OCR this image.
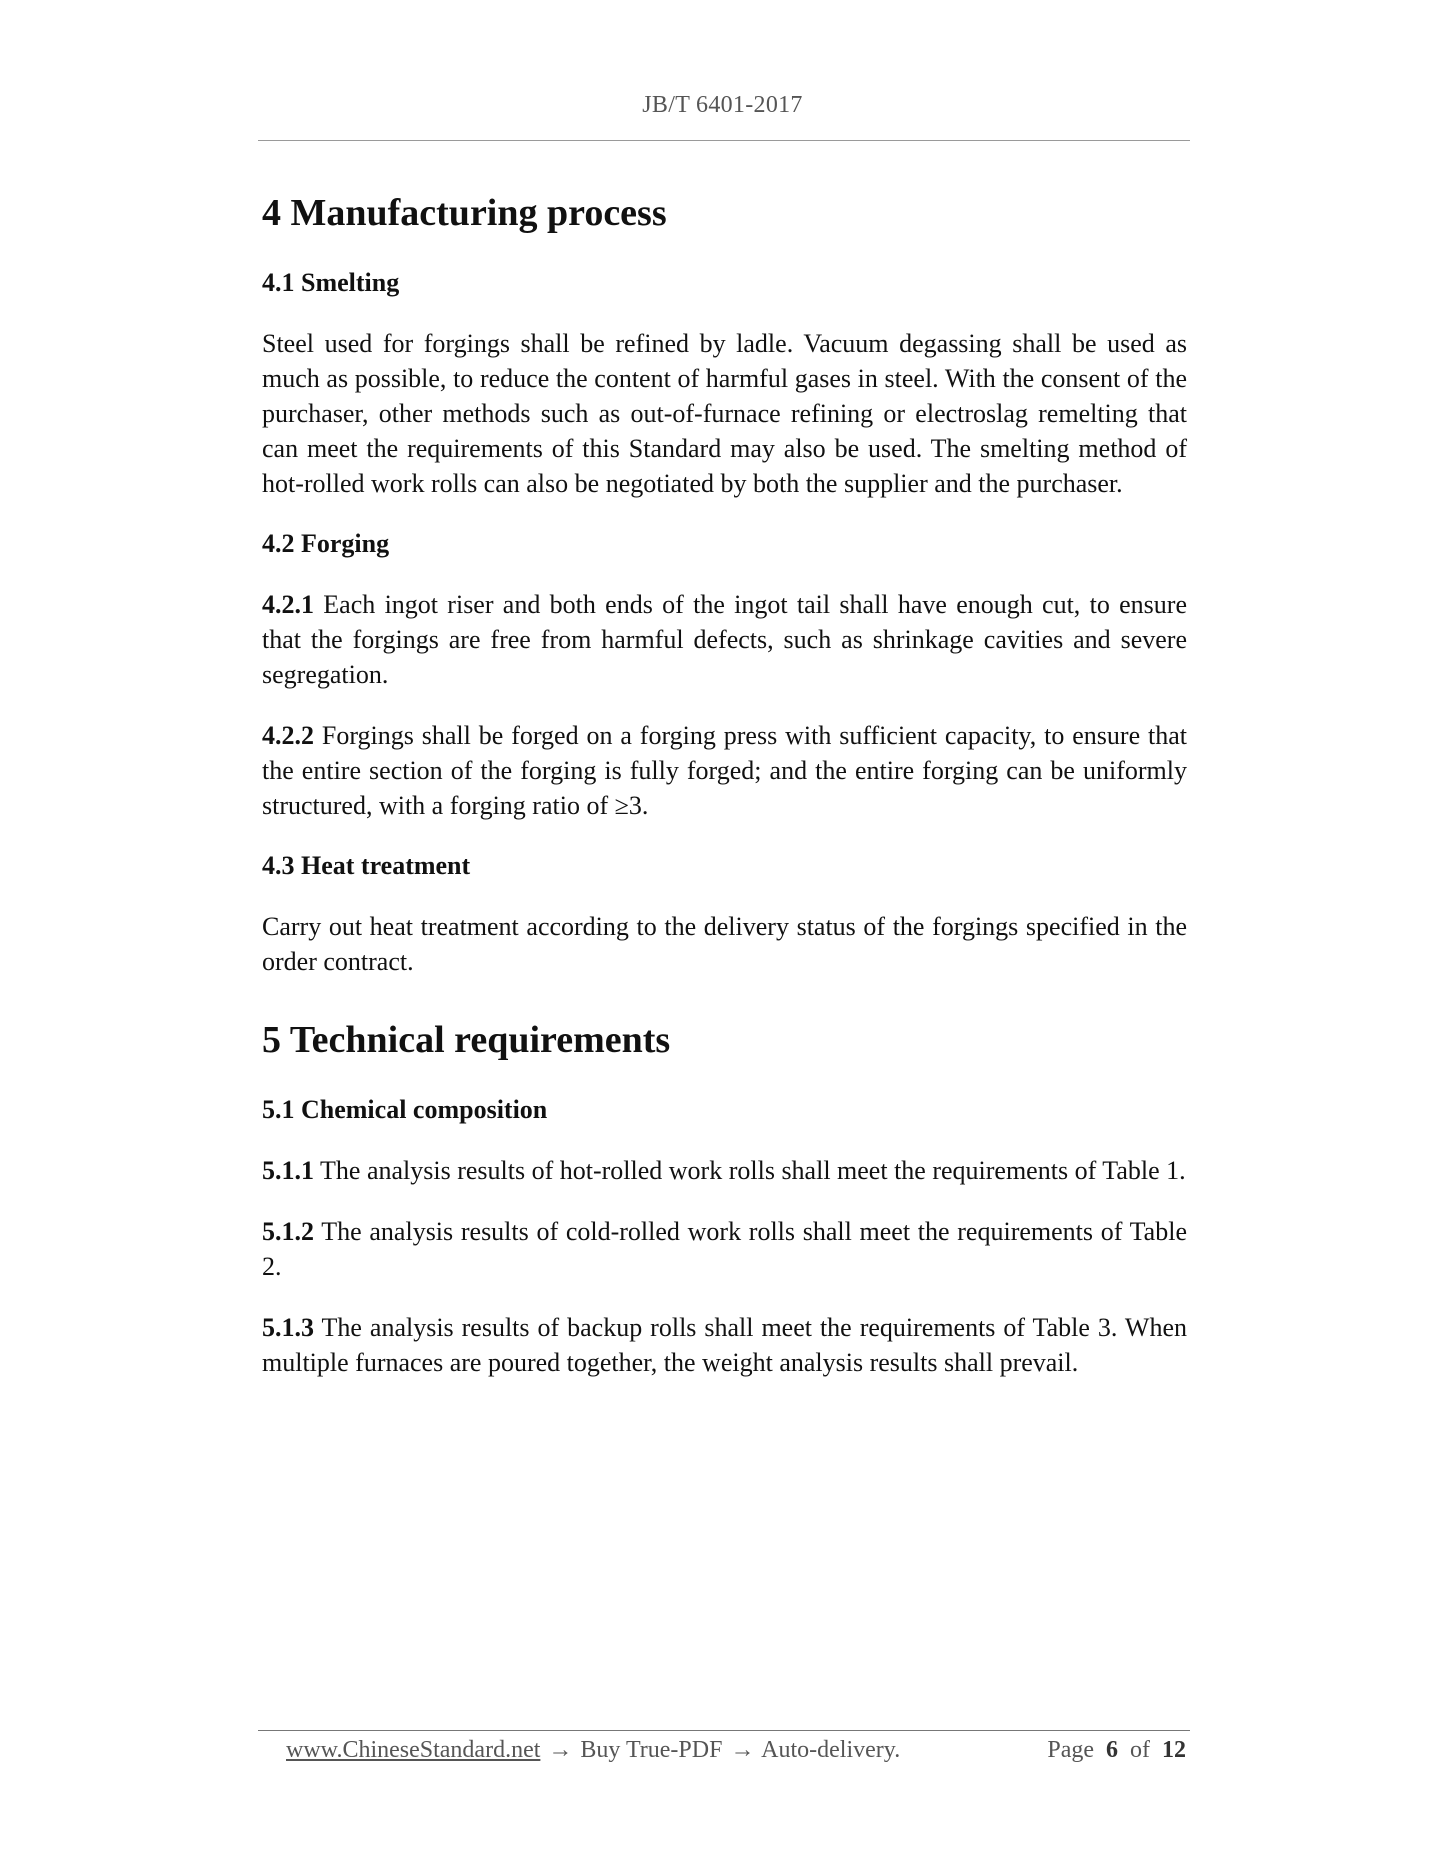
JB/T 6401-2017
4 Manufacturing process
4.1 Smelting

Steel used for forgings shall be refined by ladle. Vacuum degassing shall be used as much as possible, to reduce the content of harmful gases in steel. With the consent of the purchaser, other methods such as out-of-furnace refining or electroslag remelting that can meet the requirements of this Standard may also be used. The smelting method of hot-rolled work rolls can also be negotiated by both the supplier and the purchaser.

4.2 Forging

4.2.1 Each ingot riser and both ends of the ingot tail shall have enough cut, to ensure that the forgings are free from harmful defects, such as shrinkage cavities and severe segregation.

4.2.2 Forgings shall be forged on a forging press with sufficient capacity, to ensure that the entire section of the forging is fully forged; and the entire forging can be uniformly structured, with a forging ratio of ≥3.

4.3 Heat treatment

Carry out heat treatment according to the delivery status of the forgings specified in the order contract.

5 Technical requirements
5.1 Chemical composition

5.1.1 The analysis results of hot-rolled work rolls shall meet the requirements of Table 1.

5.1.2 The analysis results of cold-rolled work rolls shall meet the requirements of Table 2.

5.1.3 The analysis results of backup rolls shall meet the requirements of Table 3. When multiple furnaces are poured together, the weight analysis results shall prevail.

www.ChineseStandard.net → Buy True-PDF → Auto-delivery.	Page 6 of 12
